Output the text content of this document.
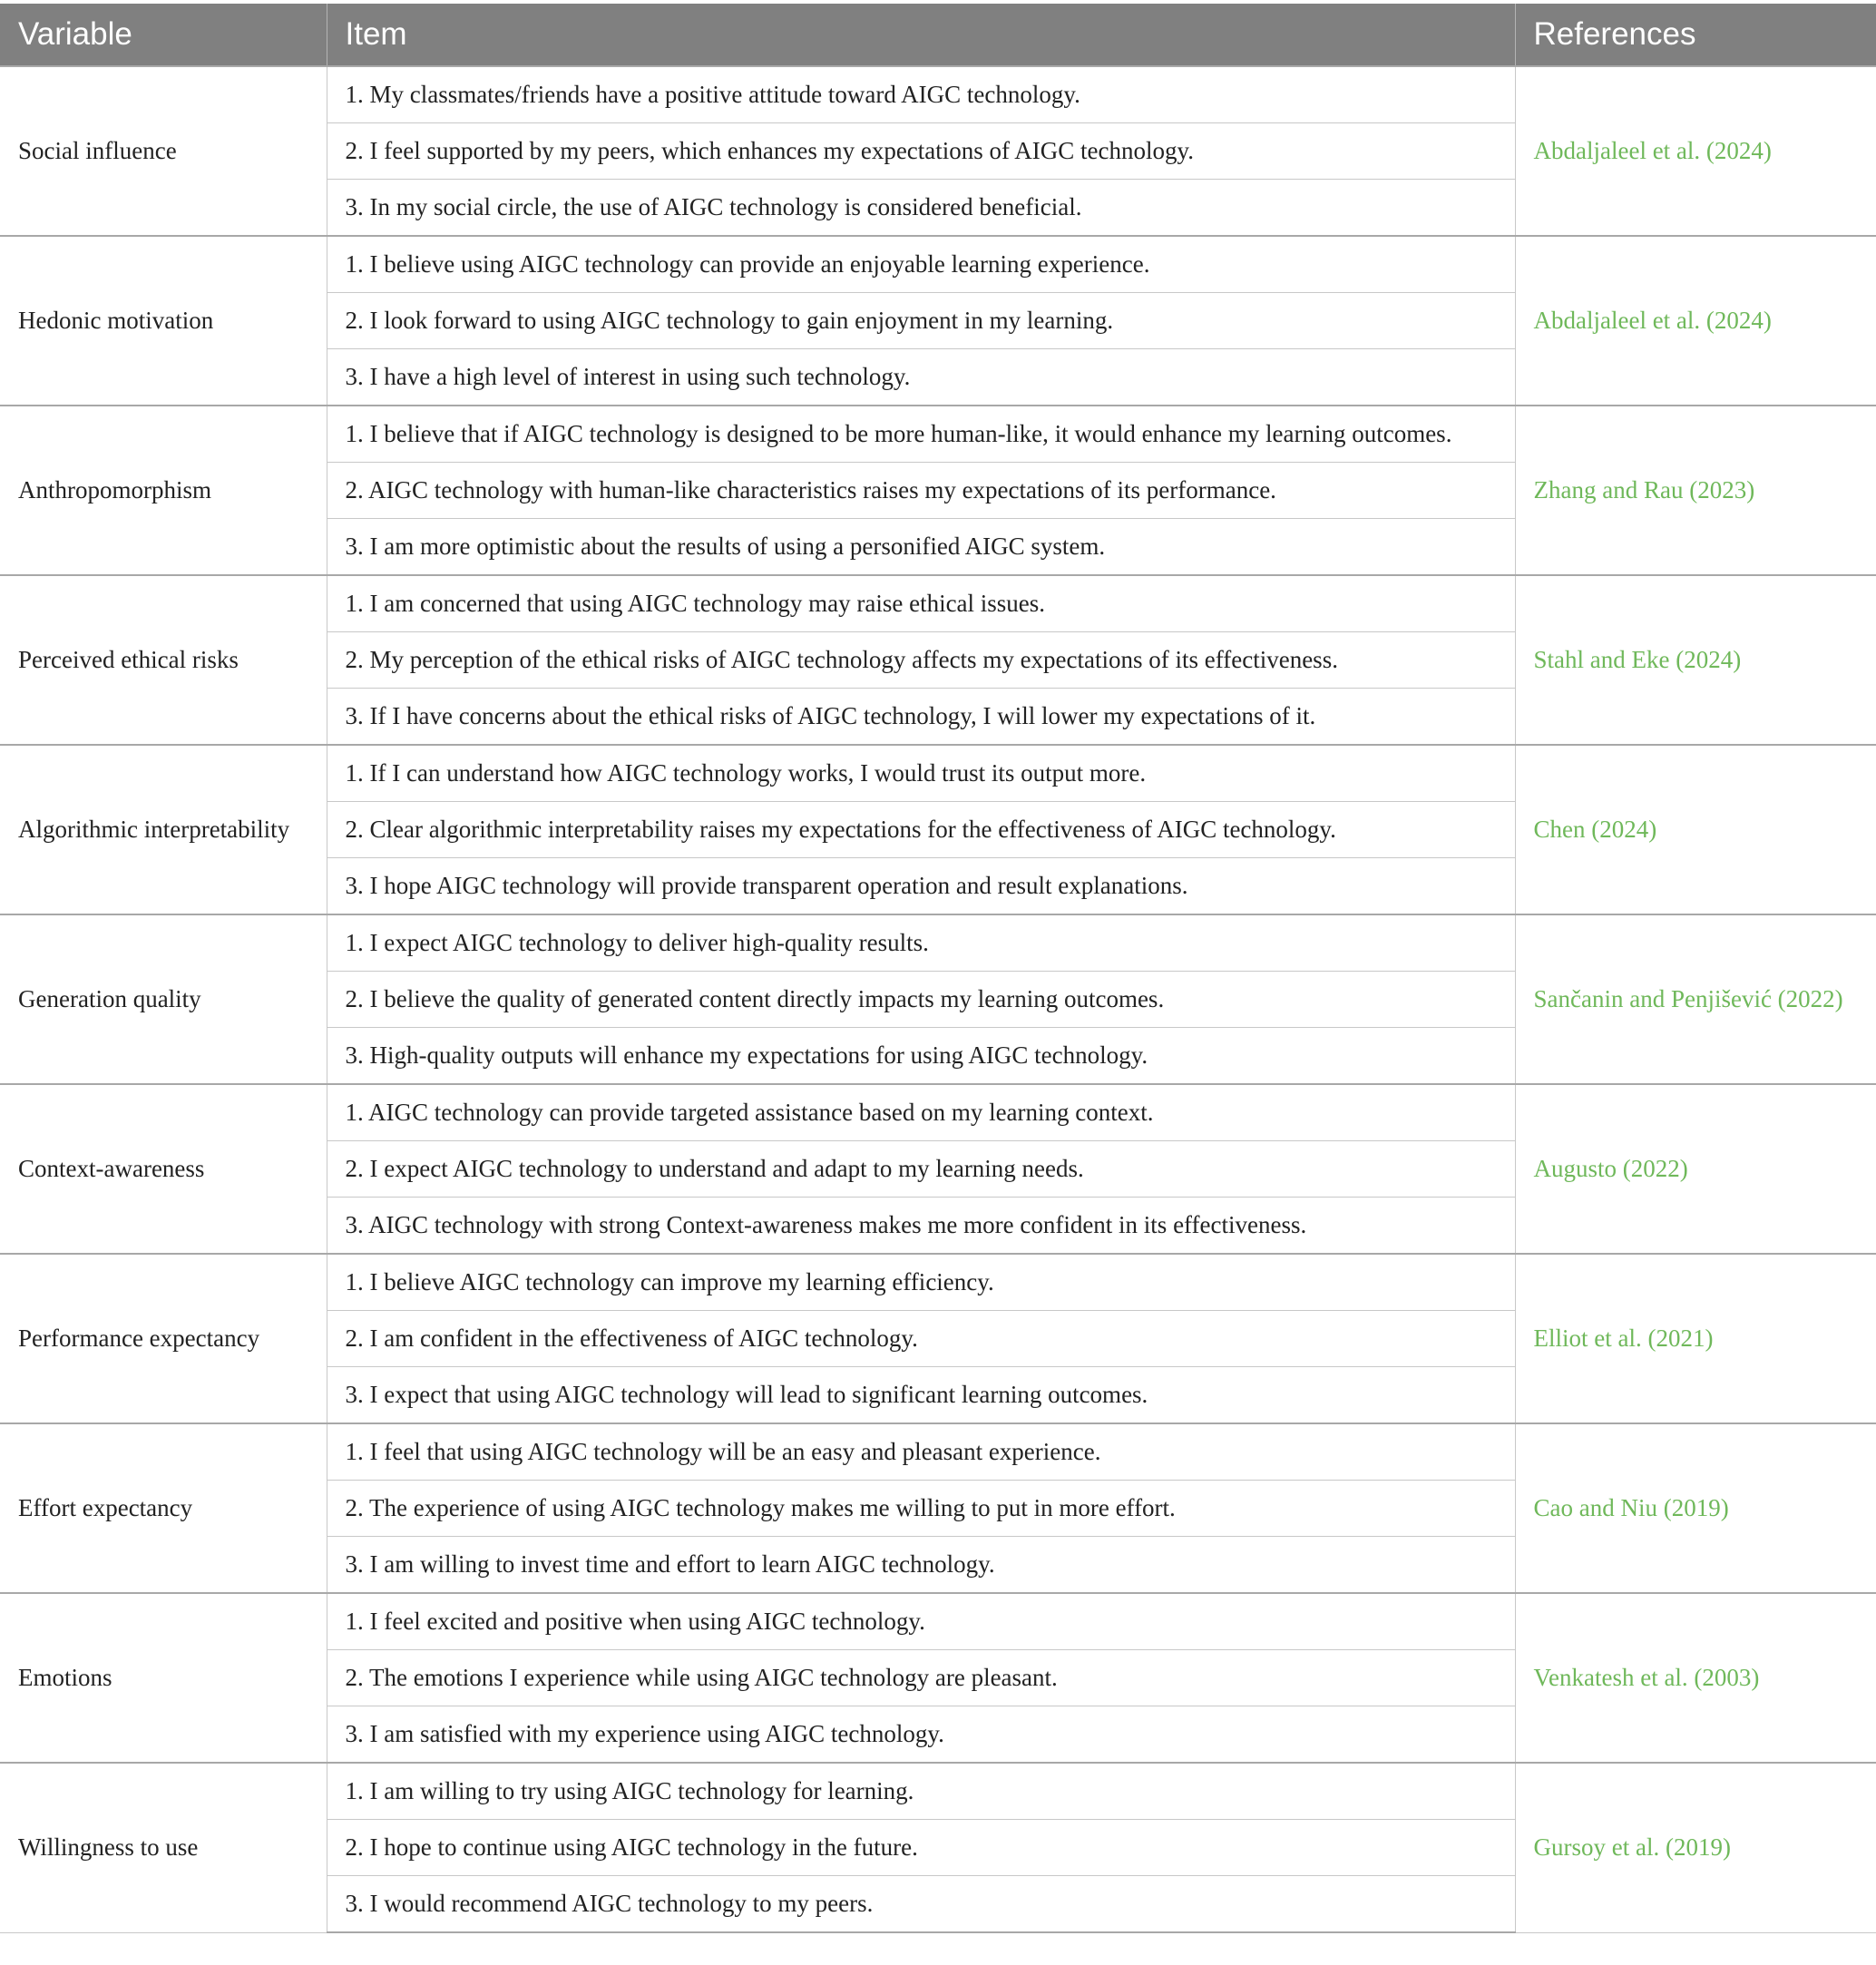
Variable	Item	References
Social influence	1. My classmates/friends have a positive attitude toward AIGC technology.	Abdaljaleel et al. (2024)
	2. I feel supported by my peers, which enhances my expectations of AIGC technology.	
	3. In my social circle, the use of AIGC technology is considered beneficial.	
Hedonic motivation	1. I believe using AIGC technology can provide an enjoyable learning experience.	Abdaljaleel et al. (2024)
	2. I look forward to using AIGC technology to gain enjoyment in my learning.	
	3. I have a high level of interest in using such technology.	
Anthropomorphism	1. I believe that if AIGC technology is designed to be more human-like, it would enhance my learning outcomes.	Zhang and Rau (2023)
	2. AIGC technology with human-like characteristics raises my expectations of its performance.	
	3. I am more optimistic about the results of using a personified AIGC system.	
Perceived ethical risks	1. I am concerned that using AIGC technology may raise ethical issues.	Stahl and Eke (2024)
	2. My perception of the ethical risks of AIGC technology affects my expectations of its effectiveness.	
	3. If I have concerns about the ethical risks of AIGC technology, I will lower my expectations of it.	
Algorithmic interpretability	1. If I can understand how AIGC technology works, I would trust its output more.	Chen (2024)
	2. Clear algorithmic interpretability raises my expectations for the effectiveness of AIGC technology.	
	3. I hope AIGC technology will provide transparent operation and result explanations.	
Generation quality	1. I expect AIGC technology to deliver high-quality results.	Sančanin and Penjišević (2022)
	2. I believe the quality of generated content directly impacts my learning outcomes.	
	3. High-quality outputs will enhance my expectations for using AIGC technology.	
Context-awareness	1. AIGC technology can provide targeted assistance based on my learning context.	Augusto (2022)
	2. I expect AIGC technology to understand and adapt to my learning needs.	
	3. AIGC technology with strong Context-awareness makes me more confident in its effectiveness.	
Performance expectancy	1. I believe AIGC technology can improve my learning efficiency.	Elliot et al. (2021)
	2. I am confident in the effectiveness of AIGC technology.	
	3. I expect that using AIGC technology will lead to significant learning outcomes.	
Effort expectancy	1. I feel that using AIGC technology will be an easy and pleasant experience.	Cao and Niu (2019)
	2. The experience of using AIGC technology makes me willing to put in more effort.	
	3. I am willing to invest time and effort to learn AIGC technology.	
Emotions	1. I feel excited and positive when using AIGC technology.	Venkatesh et al. (2003)
	2. The emotions I experience while using AIGC technology are pleasant.	
	3. I am satisfied with my experience using AIGC technology.	
Willingness to use	1. I am willing to try using AIGC technology for learning.	Gursoy et al. (2019)
	2. I hope to continue using AIGC technology in the future.	
	3. I would recommend AIGC technology to my peers.	
